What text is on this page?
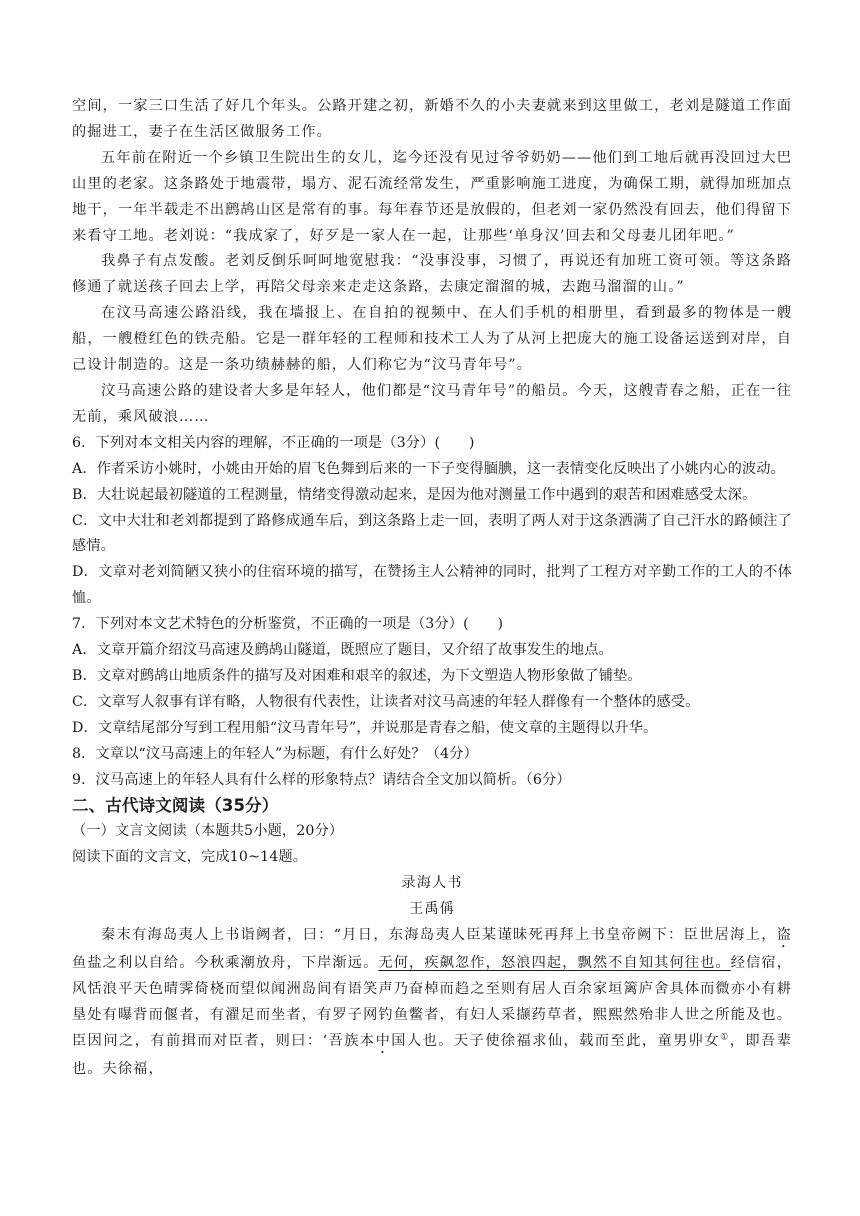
空间，一家三口生活了好几个年头。公路开建之初，新婚不久的小夫妻就来到这里做工，老刘是隧道工作面的掘进工，妻子在生活区做服务工作。

五年前在附近一个乡镇卫生院出生的女儿，迄今还没有见过爷爷奶奶——他们到工地后就再没回过大巴山里的老家。这条路处于地震带，塌方、泥石流经常发生，严重影响施工进度，为确保工期，就得加班加点地干，一年半载走不出鹧鸪山区是常有的事。每年春节还是放假的，但老刘一家仍然没有回去，他们得留下来看守工地。老刘说：“我成家了，好歹是一家人在一起，让那些‘单身汉’回去和父母妻儿团年吧。”

我鼻子有点发酸。老刘反倒乐呵呵地宽慰我：“没事没事，习惯了，再说还有加班工资可领。等这条路修通了就送孩子回去上学，再陪父母亲来走走这条路，去康定溜溜的城，去跑马溜溜的山。”

在汶马高速公路沿线，我在墙报上、在自拍的视频中、在人们手机的相册里，看到最多的物体是一艘船，一艘橙红色的铁壳船。它是一群年轻的工程师和技术工人为了从河上把庞大的施工设备运送到对岸，自己设计制造的。这是一条功绩赫赫的船，人们称它为“汶马青年号”。

汶马高速公路的建设者大多是年轻人，他们都是“汶马青年号”的船员。今天，这艘青春之船，正在一往无前，乘风破浪……

6．下列对本文相关内容的理解，不正确的一项是（3分）(　　)

A．作者采访小姚时，小姚由开始的眉飞色舞到后来的一下子变得腼腆，这一表情变化反映出了小姚内心的波动。

B．大壮说起最初隧道的工程测量，情绪变得激动起来，是因为他对测量工作中遇到的艰苦和困难感受太深。

C．文中大壮和老刘都提到了路修成通车后，到这条路上走一回，表明了两人对于这条洒满了自己汗水的路倾注了感情。

D．文章对老刘简陋又狭小的住宿环境的描写，在赞扬主人公精神的同时，批判了工程方对辛勤工作的工人的不体恤。

7．下列对本文艺术特色的分析鉴赏，不正确的一项是（3分）(　　)

A．文章开篇介绍汶马高速及鹧鸪山隧道，既照应了题目，又介绍了故事发生的地点。

B．文章对鹧鸪山地质条件的描写及对困难和艰辛的叙述，为下文塑造人物形象做了铺垫。

C．文章写人叙事有详有略，人物很有代表性，让读者对汶马高速的年轻人群像有一个整体的感受。

D．文章结尾部分写到工程用船“汶马青年号”，并说那是青春之船，使文章的主题得以升华。

8．文章以“汶马高速上的年轻人”为标题，有什么好处？（4分）

9．汶马高速上的年轻人具有什么样的形象特点？请结合全文加以简析。（6分）

二、古代诗文阅读（35分）

（一）文言文阅读（本题共5小题，20分）

阅读下面的文言文，完成10~14题。

录海人书

王禹偁

秦末有海岛夷人上书诣阙者，曰：“月日，东海岛夷人臣某谨昧死再拜上书皇帝阙下：臣世居海上，盗鱼盐之利以自给。今秋乘潮放舟，下岸渐远。无何，疾飙忽作，怒浪四起，飘然不自知其何往也。经信宿，风恬浪平天色晴霁倚桡而望似闻洲岛间有语笑声乃奋棹而趋之至则有居人百余家垣篱庐舍具体而微亦小有耕垦处有曝背而偃者，有濯足而坐者，有罗子网钓鱼鳖者，有妇人采撷药草者，熙熙然殆非人世之所能及也。臣因问之，有前揖而对臣者，则曰：‘吾族本中国人也。天子使徐福求仙，载而至此，童男丱女①，即吾辈也。夫徐福，
